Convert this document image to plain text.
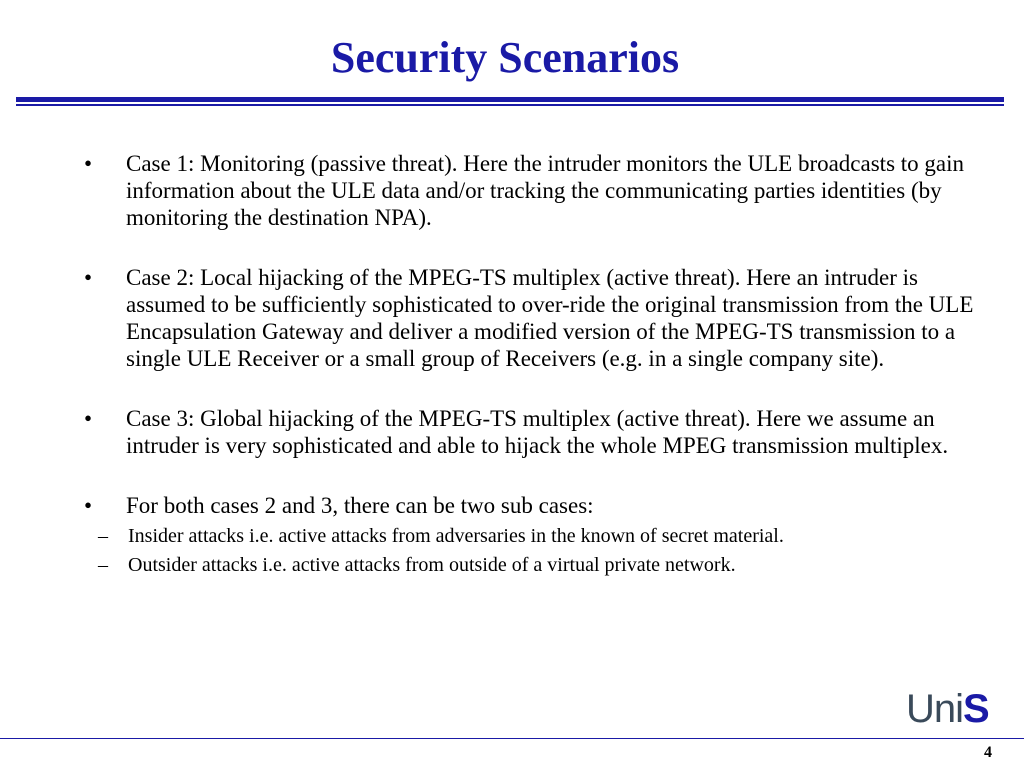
Security Scenarios
•	Case 1: Monitoring (passive threat). Here the intruder monitors the ULE broadcasts to gain information about the ULE data and/or tracking the communicating parties identities (by monitoring the destination NPA).
•	Case 2: Local hijacking of the MPEG-TS multiplex (active threat). Here an intruder is assumed to be sufficiently sophisticated to over-ride the original transmission from the ULE Encapsulation Gateway and deliver a modified version of the MPEG-TS transmission to a single ULE Receiver or a small group of Receivers (e.g. in a single company site).
•	Case 3: Global hijacking of the MPEG-TS multiplex (active threat). Here we assume an intruder is very sophisticated and able to hijack the whole MPEG transmission multiplex.
•	For both cases 2 and 3, there can be two sub cases:
– Insider attacks i.e. active attacks from adversaries in the known of secret material.
– Outsider attacks i.e. active attacks from outside of a virtual private network.
UniS
4
